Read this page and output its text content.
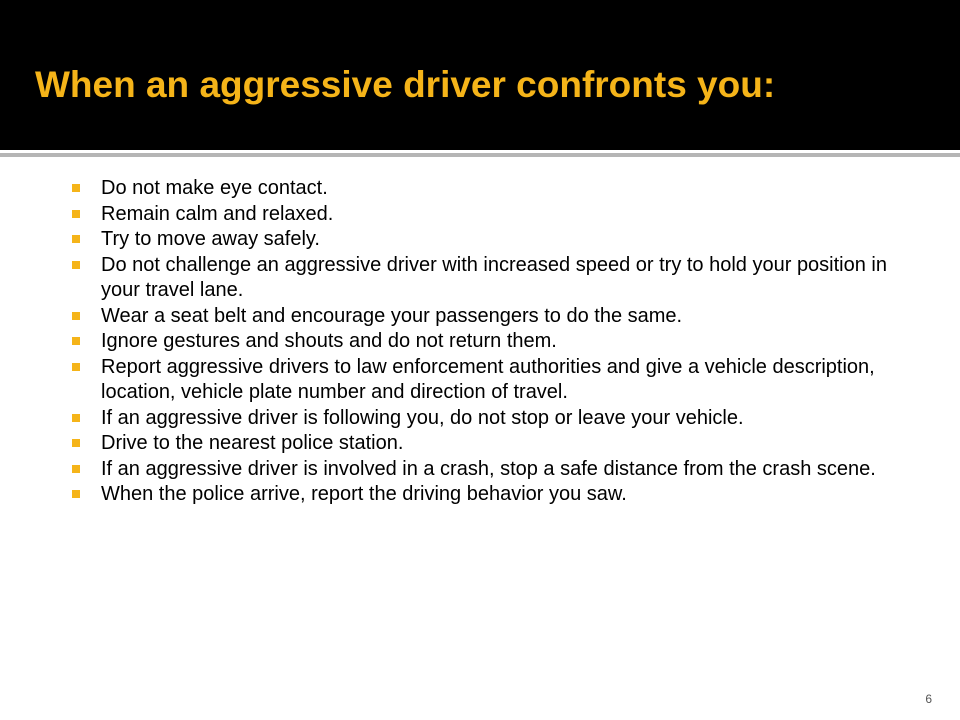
When an aggressive driver confronts you:
Do not make eye contact.
Remain calm and relaxed.
Try to move away safely.
Do not challenge an aggressive driver with increased speed or try to hold your position in your travel lane.
Wear a seat belt and encourage your passengers to do the same.
Ignore gestures and shouts and do not return them.
Report aggressive drivers to law enforcement authorities and give a vehicle description, location, vehicle plate number and direction of travel.
If an aggressive driver is following you, do not stop or leave your vehicle.
Drive to the nearest police station.
If an aggressive driver is involved in a crash, stop a safe distance from the crash scene.
When the police arrive, report the driving behavior you saw.
6
